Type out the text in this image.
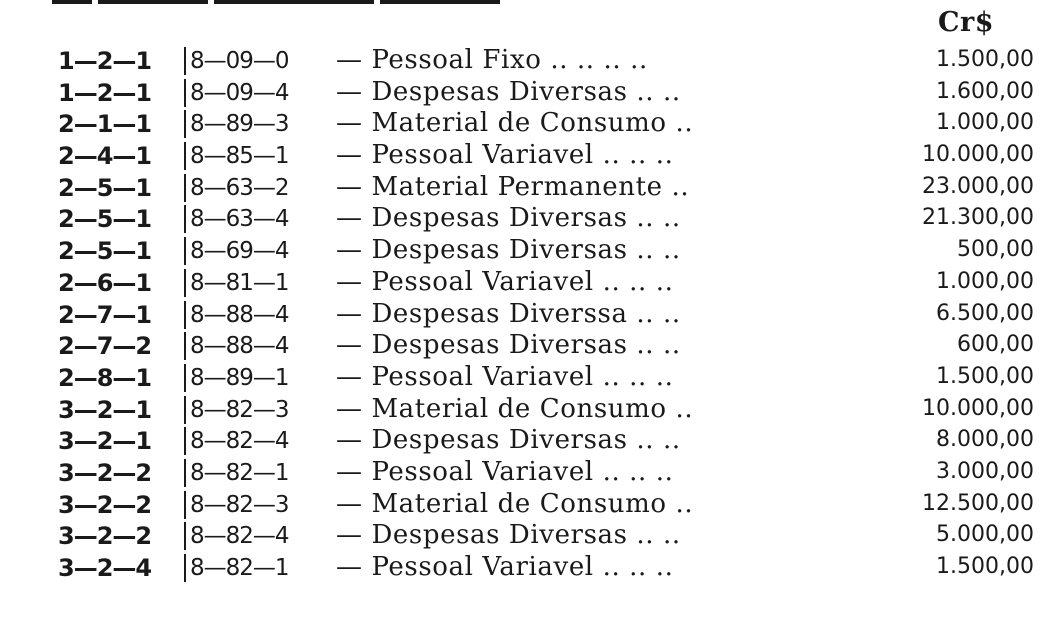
Cr$
1—2—1 8—09—0 — Pessoal Fixo .. .. .. ..	1.500,00
1—2—1 8—09—4 — Despesas Diversas .. ..	1.600,00
2—1—1 8—89—3 — Material de Consumo ..	1.000,00
2—4—1 8—85—1 — Pessoal Variavel .. .. ..	10.000,00
2—5—1 8—63—2 — Material Permanente ..	23.000,00
2—5—1 8—63—4 — Despesas Diversas .. ..	21.300,00
2—5—1 8—69—4 — Despesas Diversas .. ..	500,00
2—6—1 8—81—1 — Pessoal Variavel .. .. ..	1.000,00
2—7—1 8—88—4 — Despesas Diverssa .. ..	6.500,00
2—7—2 8—88—4 — Despesas Diversas .. ..	600,00
2—8—1 8—89—1 — Pessoal Variavel .. .. ..	1.500,00
3—2—1 8—82—3 — Material de Consumo ..	10.000,00
3—2—1 8—82—4 — Despesas Diversas .. ..	8.000,00
3—2—2 8—82—1 — Pessoal Variavel .. .. ..	3.000,00
3—2—2 8—82—3 — Material de Consumo ..	12.500,00
3—2—2 8—82—4 — Despesas Diversas .. ..	5.000,00
3—2—4 8—82—1 — Pessoal Variavel .. .. ..	1.500,00
